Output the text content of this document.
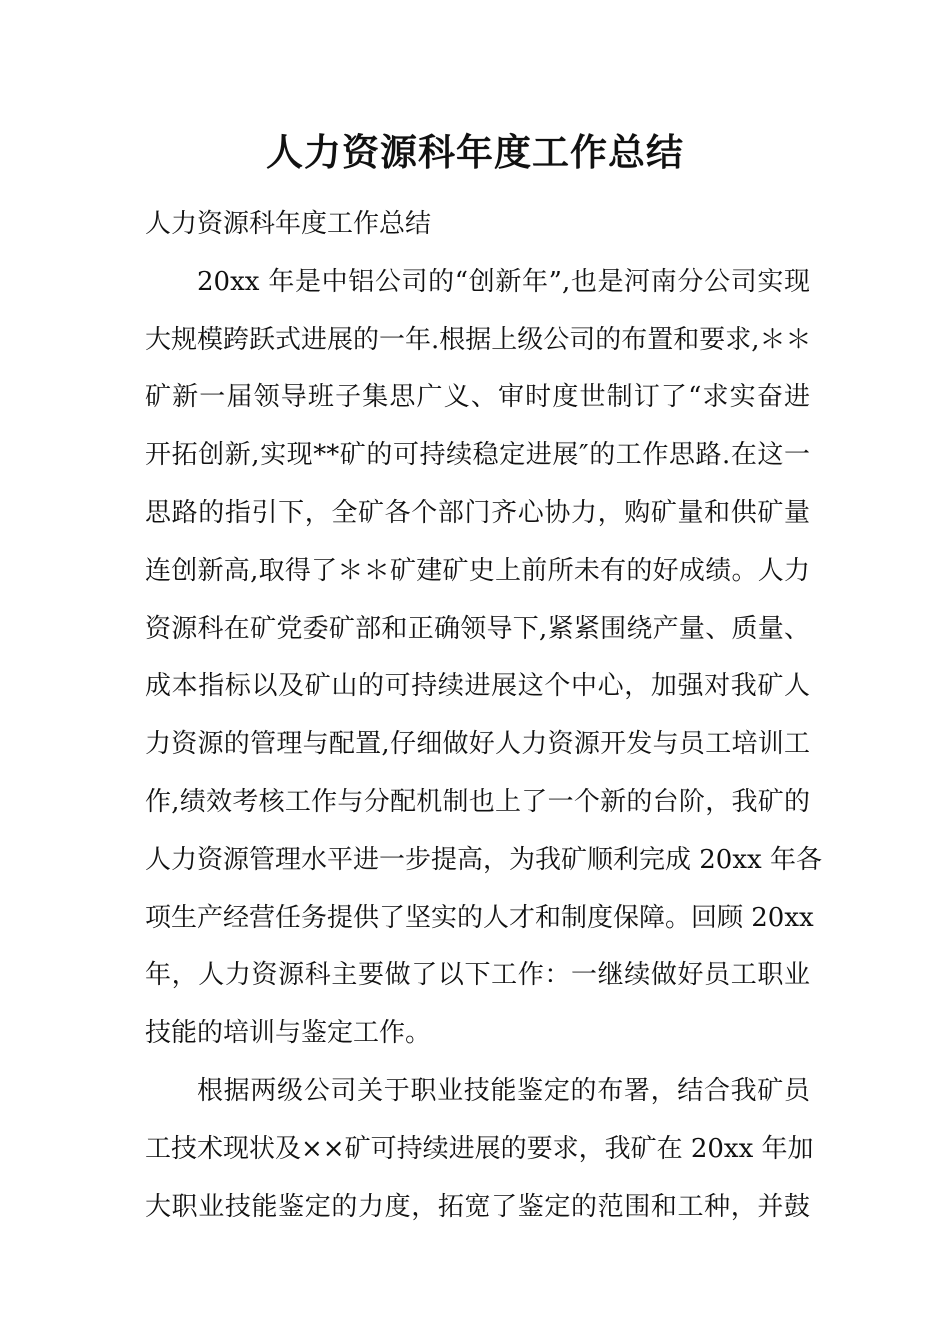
人力资源科年度工作总结
人力资源科年度工作总结
20xx 年是中铝公司的“创新年”,也是河南分公司实现
大规模跨跃式进展的一年.根据上级公司的布置和要求,＊＊
矿新一届领导班子集思广义、审时度世制订了“求实奋进
开拓创新,实现**矿的可持续稳定进展″的工作思路.在这一
思路的指引下，全矿各个部门齐心协力，购矿量和供矿量
连创新高,取得了＊＊矿建矿史上前所未有的好成绩。人力
资源科在矿党委矿部和正确领导下,紧紧围绕产量、质量、
成本指标以及矿山的可持续进展这个中心，加强对我矿人
力资源的管理与配置,仔细做好人力资源开发与员工培训工
作,绩效考核工作与分配机制也上了一个新的台阶，我矿的
人力资源管理水平进一步提高，为我矿顺利完成 20xx 年各
项生产经营任务提供了坚实的人才和制度保障。回顾 20xx
年，人力资源科主要做了以下工作：一继续做好员工职业
技能的培训与鉴定工作。
根据两级公司关于职业技能鉴定的布署，结合我矿员
工技术现状及××矿可持续进展的要求，我矿在 20xx 年加
大职业技能鉴定的力度，拓宽了鉴定的范围和工种，并鼓
